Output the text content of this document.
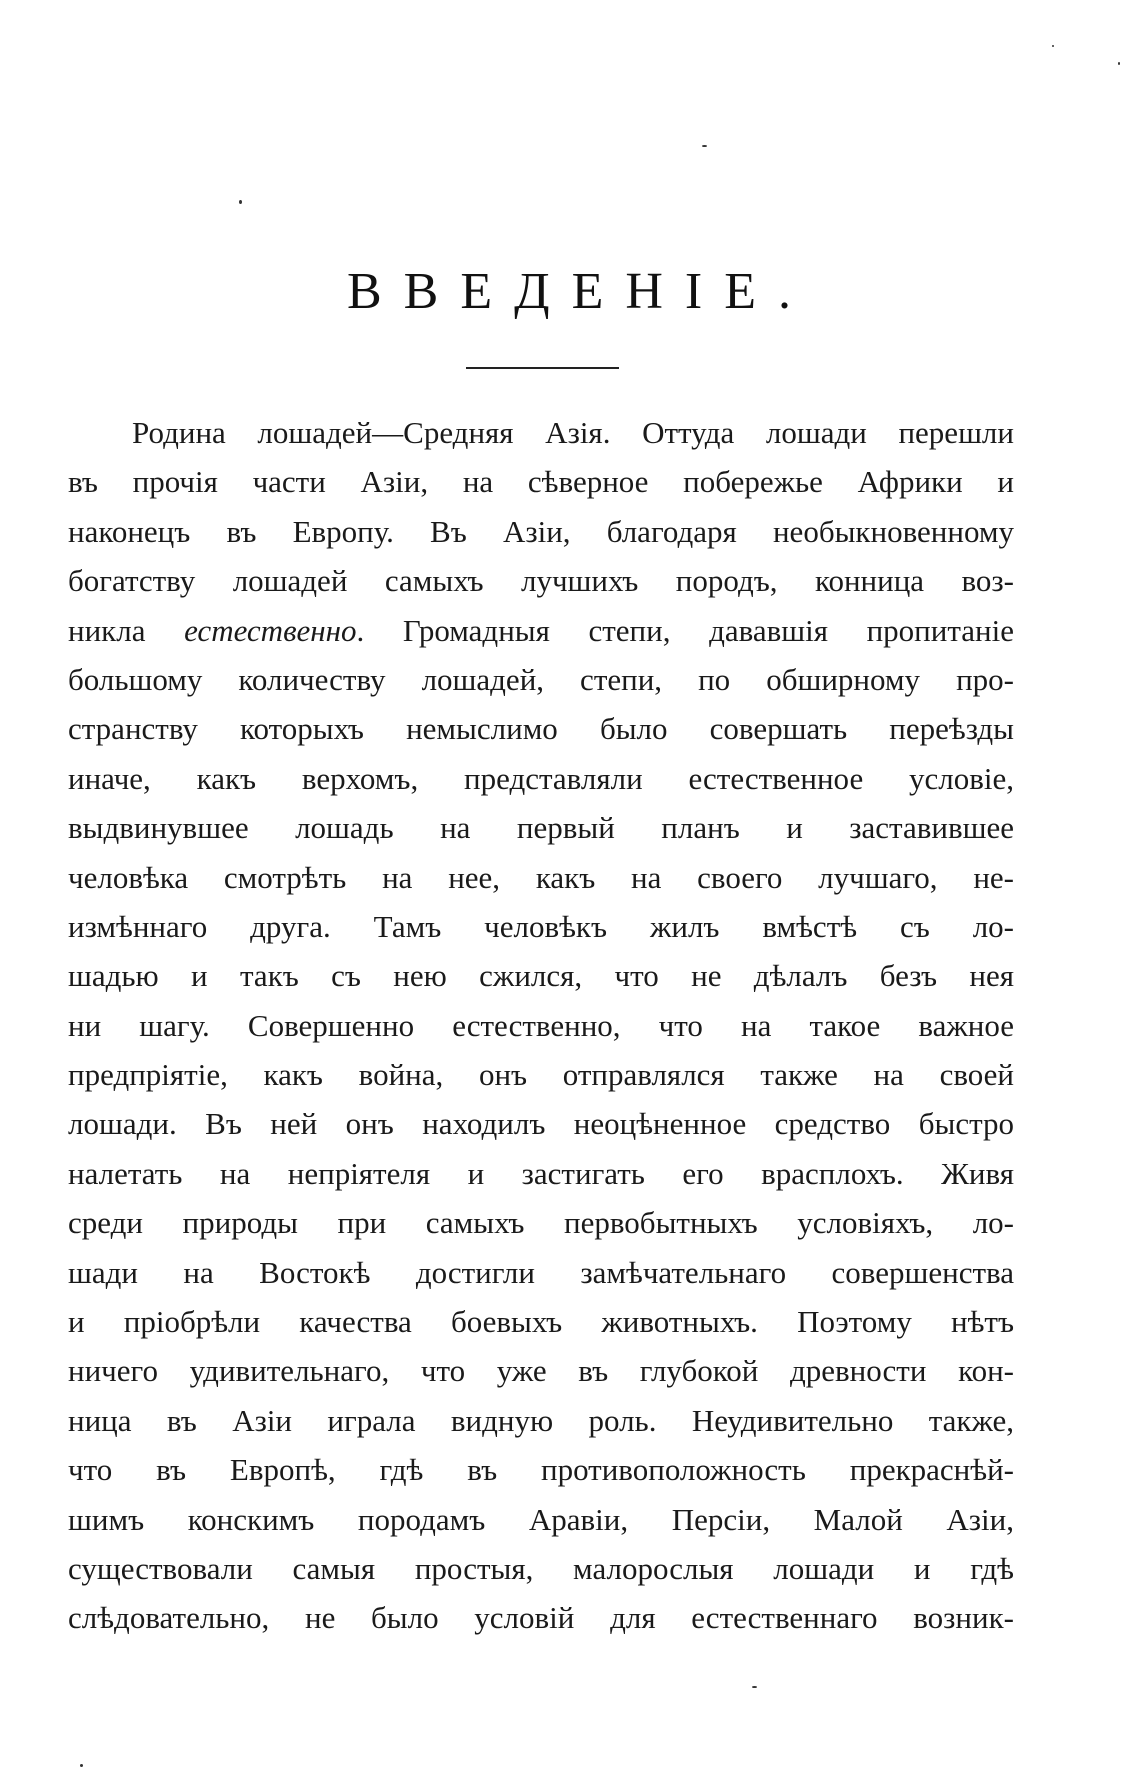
ВВЕДЕНІЕ.
Родина лошадей—Средняя Азія. Оттуда лошади перешли
въ прочія части Азіи, на сѣверное побережье Африки и
наконецъ въ Европу. Въ Азіи, благодаря необыкновенному
богатству лошадей самыхъ лучшихъ породъ, конница воз-
никла естественно. Громадныя степи, дававшія пропитаніе
большому количеству лошадей, степи, по обширному про-
странству которыхъ немыслимо было совершать переѣзды
иначе, какъ верхомъ, представляли естественное условіе,
выдвинувшее лошадь на первый планъ и заставившее
человѣка смотрѣть на нее, какъ на своего лучшаго, не-
измѣннаго друга. Тамъ человѣкъ жилъ вмѣстѣ съ ло-
шадью и такъ съ нею сжился, что не дѣлалъ безъ нея
ни шагу. Совершенно естественно, что на такое важное
предпріятіе, какъ война, онъ отправлялся также на своей
лошади. Въ ней онъ находилъ неоцѣненное средство быстро
налетать на непріятеля и застигать его врасплохъ. Живя
среди природы при самыхъ первобытныхъ условіяхъ, ло-
шади на Востокѣ достигли замѣчательнаго совершенства
и пріобрѣли качества боевыхъ животныхъ. Поэтому нѣтъ
ничего удивительнаго, что уже въ глубокой древности кон-
ница въ Азіи играла видную роль. Неудивительно также,
что въ Европѣ, гдѣ въ противоположность прекраснѣй-
шимъ конскимъ породамъ Аравіи, Персіи, Малой Азіи,
существовали самыя простыя, малорослыя лошади и гдѣ
слѣдовательно, не было условій для естественнаго возник-
